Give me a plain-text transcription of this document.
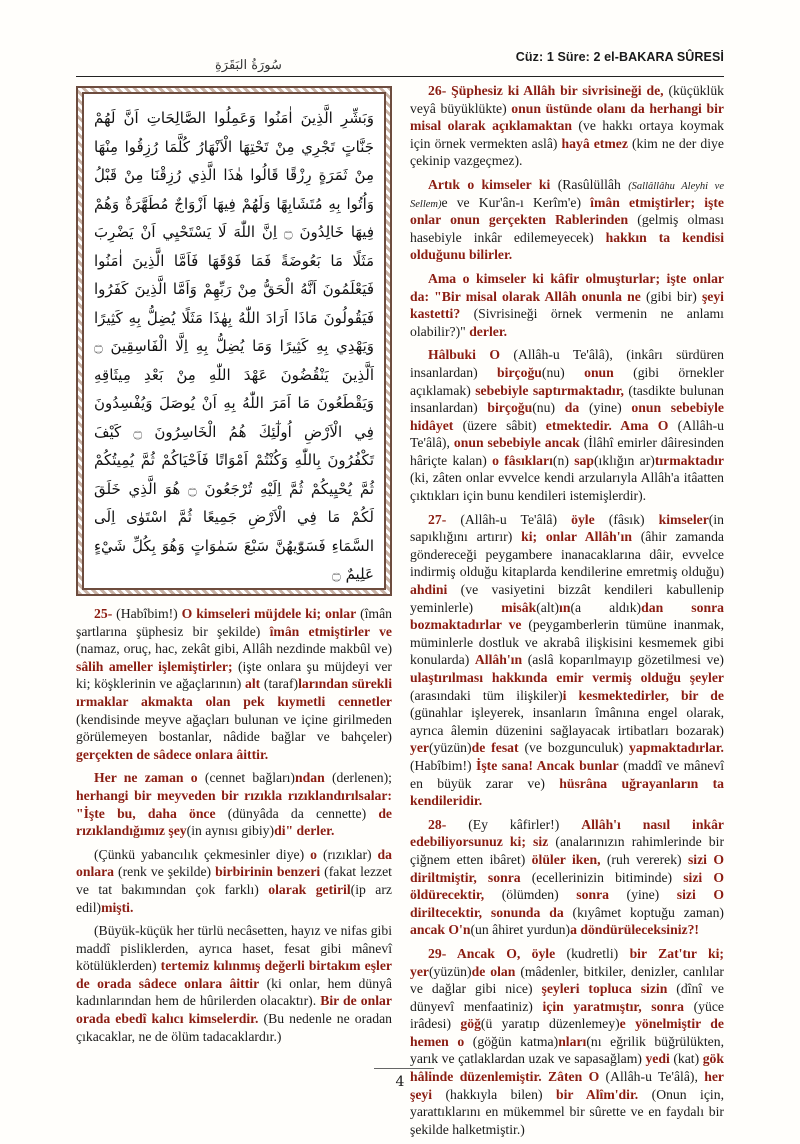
سُورَةُ البَقَرَةِ
Cüz: 1 Süre: 2 el-BAKARA SÛRESİ
وَبَشِّرِ الَّذِينَ اٰمَنُوا وَعَمِلُوا الصَّالِحَاتِ اَنَّ لَهُمْ جَنَّاتٍ تَجْرِي مِنْ تَحْتِهَا الْاَنْهَارُ كُلَّمَا رُزِقُوا مِنْهَا مِنْ ثَمَرَةٍ رِزْقًا قَالُوا هٰذَا الَّذِي رُزِقْنَا مِنْ قَبْلُ وَاُتُوا بِهِ مُتَشَابِهًا وَلَهُمْ فِيهَا اَزْوَاجٌ مُطَهَّرَةٌ وَهُمْ فِيهَا خَالِدُونَ ۝ اِنَّ اللّٰهَ لَا يَسْتَحْيِي اَنْ يَضْرِبَ مَثَلًا مَا بَعُوضَةً فَمَا فَوْقَهَا فَاَمَّا الَّذِينَ اٰمَنُوا فَيَعْلَمُونَ اَنَّهُ الْحَقُّ مِنْ رَبِّهِمْ وَاَمَّا الَّذِينَ كَفَرُوا فَيَقُولُونَ مَاذَا اَرَادَ اللّٰهُ بِهٰذَا مَثَلًا يُضِلُّ بِهِ كَثِيرًا وَيَهْدِي بِهِ كَثِيرًا وَمَا يُضِلُّ بِهِ اِلَّا الْفَاسِقِينَ ۝ اَلَّذِينَ يَنْقُضُونَ عَهْدَ اللّٰهِ مِنْ بَعْدِ مِيثَاقِهِ وَيَقْطَعُونَ مَا اَمَرَ اللّٰهُ بِهِ اَنْ يُوصَلَ وَيُفْسِدُونَ فِي الْاَرْضِ اُولٰٓئِكَ هُمُ الْخَاسِرُونَ ۝ كَيْفَ تَكْفُرُونَ بِاللّٰهِ وَكُنْتُمْ اَمْوَاتًا فَاَحْيَاكُمْ ثُمَّ يُمِيتُكُمْ ثُمَّ يُحْيِيكُمْ ثُمَّ اِلَيْهِ تُرْجَعُونَ ۝ هُوَ الَّذِي خَلَقَ لَكُمْ مَا فِي الْاَرْضِ جَمِيعًا ثُمَّ اسْتَوٰى اِلَى السَّمَاءِ فَسَوّٰيهُنَّ سَبْعَ سَمٰوَاتٍ وَهُوَ بِكُلِّ شَيْءٍ عَلِيمٌ ۝

25- (Habîbim!) O kimseleri müjdele ki; onlar (îmân şartlarına şüphesiz bir şekilde) îmân etmiştirler ve (namaz, oruç, hac, zekât gibi, Allâh nezdinde makbûl ve) sâlih ameller işlemiştirler; (işte onlara şu müjdeyi ver ki; köşklerinin ve ağaçlarının) alt (taraf)larından sürekli ırmaklar akmakta olan pek kıymetli cennetler (kendisinde meyve ağaçları bulunan ve içine girilmeden görülemeyen bostanlar, nâdide bağlar ve bahçeler) gerçekten de sâdece onlara âittir.

Her ne zaman o (cennet bağları)ndan (derlenen); herhangi bir meyveden bir rızıkla rızıklandırılsalar: "İşte bu, daha önce (dünyâda da cennette) de rızıklandığımız şey(in aynısı gibiy)di" derler.

(Çünkü yabancılık çekmesinler diye) o (rızıklar) da onlara (renk ve şekilde) birbirinin benzeri (fakat lezzet ve tat bakımından çok farklı) olarak getiril(ip arz edil)mişti.

(Büyük-küçük her türlü necâsetten, hayız ve nifas gibi maddî pisliklerden, ayrıca haset, fesat gibi mânevî kötülüklerden) tertemiz kılınmış değerli birtakım eşler de orada sâdece onlara âittir (ki onlar, hem dünyâ kadınlarından hem de hûrilerden olacaktır). Bir de onlar orada ebedî kalıcı kimselerdir. (Bu nedenle ne oradan çıkacaklar, ne de ölüm tadacaklardır.)

26- Şüphesiz ki Allâh bir sivrisineği de, (küçüklük veyâ büyüklükte) onun üstünde olanı da herhangi bir misal olarak açıklamaktan (ve hakkı ortaya koymak için örnek vermekten aslâ) hayâ etmez (kim ne der diye çekinip vazgeçmez).

Artık o kimseler ki (Rasûlüllâh (Sallâllâhu Aleyhi ve Sellem)e ve Kur'ân-ı Kerîm'e) îmân etmiştirler; işte onlar onun gerçekten Rablerinden (gelmiş olması hasebiyle inkâr edilemeyecek) hakkın ta kendisi olduğunu bilirler.

Ama o kimseler ki kâfir olmuşturlar; işte onlar da: "Bir misal olarak Allâh onunla ne (gibi bir) şeyi kastetti? (Sivrisineği örnek vermenin ne anlamı olabilir?)" derler.

Hâlbuki O (Allâh-u Te'âlâ), (inkârı sürdüren insanlardan) birçoğu(nu) onun (gibi örnekler açıklamak) sebebiyle saptırmaktadır, (tasdikte bulunan insanlardan) birçoğu(nu) da (yine) onun sebebiyle hidâyet (üzere sâbit) etmektedir. Ama O (Allâh-u Te'âlâ), onun sebebiyle ancak (İlâhî emirler dâiresinden hâriçte kalan) o fâsıkları(n) sap(ıklığın ar)tırmaktadır (ki, zâten onlar evvelce kendi arzularıyla Allâh'a itâatten çıktıkları için bunu kendileri istemişlerdir).

27- (Allâh-u Te'âlâ) öyle (fâsık) kimseler(in sapıklığını artırır) ki; onlar Allâh'ın (âhir zamanda göndereceği peygambere inanacaklarına dâir, evvelce indirmiş olduğu kitaplarda kendilerine emretmiş olduğu) ahdini (ve vasiyetini bizzât kendileri kabullenip yeminlerle) misâk(alt)ın(a aldık)dan sonra bozmaktadırlar ve (peygamberlerin tümüne inanmak, müminlerle dostluk ve akrabâ ilişkisini kesmemek gibi konularda) Allâh'ın (aslâ koparılmayıp gözetilmesi ve) ulaştırılması hakkında emir vermiş olduğu şeyler (arasındaki tüm ilişkiler)i kesmektedirler, bir de (günahlar işleyerek, insanların îmânına engel olarak, ayrıca âlemin düzenini sağlayacak irtibatları bozarak) yer(yüzün)de fesat (ve bozgunculuk) yapmaktadırlar. (Habîbim!) İşte sana! Ancak bunlar (maddî ve mânevî en büyük zarar ve) hüsrâna uğrayanların ta kendileridir.

28- (Ey kâfirler!) Allâh'ı nasıl inkâr edebiliyorsunuz ki; siz (analarınızın rahimlerinde bir çiğnem etten ibâret) ölüler iken, (ruh vererek) sizi O diriltmiştir, sonra (ecellerinizin bitiminde) sizi O öldürecektir, (ölümden) sonra (yine) sizi O diriltecektir, sonunda da (kıyâmet koptuğu zaman) ancak O'n(un âhiret yurdun)a döndürüleceksiniz?!

29- Ancak O, öyle (kudretli) bir Zat'tır ki; yer(yüzün)de olan (mâdenler, bitkiler, denizler, canlılar ve dağlar gibi nice) şeyleri topluca sizin (dînî ve dünyevî menfaatiniz) için yaratmıştır, sonra (yüce irâdesi) göğ(ü yaratıp düzenlemey)e yönelmiştir de hemen o (göğün katma)nları(nı eğrilik büğrülükten, yarık ve çatlaklardan uzak ve sapasağlam) yedi (kat) gök hâlinde düzenlemiştir. Zâten O (Allâh-u Te'âlâ), her şeyi (hakkıyla bilen) bir Alîm'dir. (Onun için, yarattıklarını en mükemmel bir sûrette ve en faydalı bir şekilde halketmiştir.)

4
